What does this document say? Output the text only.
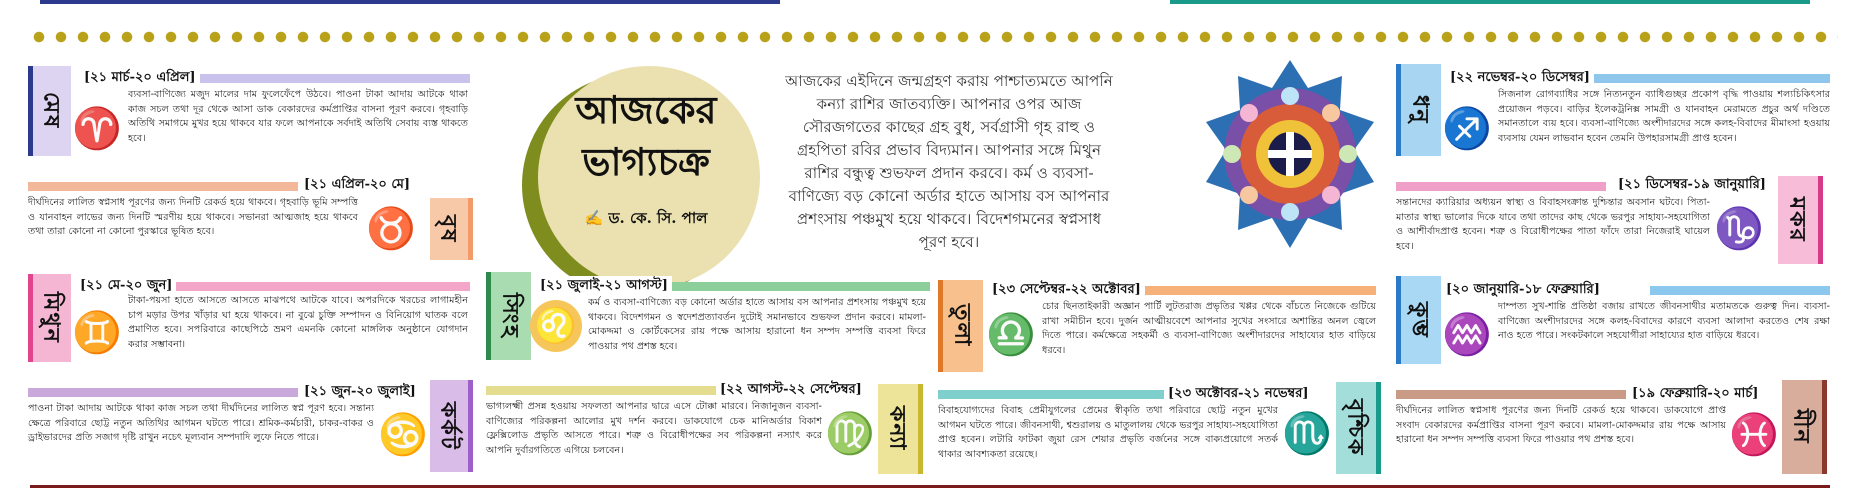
আজকের
ভাগ্যচক্র
✍ ড. কে. সি. পাল
আজকের এইদিনে জন্মগ্রহণ করায় পাশ্চাত্যমতে আপনি কন্যা রাশির জাতব্যক্তি। আপনার ওপর আজ সৌরজগতের কাছের গ্রহ বুধ, সর্বগ্রাসী গৃহ রাহু ও গ্রহপিতা রবির প্রভাব বিদ্যমান। আপনার সঙ্গে মিথুন রাশির বন্ধুত্ব শুভফল প্রদান করবে। কর্ম ও ব্যবসা-বাণিজ্যে বড় কোনো অর্ডার হাতে আসায় বস আপনার প্রশংসায় পঞ্চমুখ হয়ে থাকবে। বিদেশগমনের স্বপ্নসাধ পূরণ হবে।
মেষ
[২১ মার্চ-২০ এপ্রিল]
♈
ব্যবসা-বাণিজ্যে মজুদ মালের দাম ফুলেফেঁপে উঠবে। পাওনা টাকা আদায় আটকে থাকা কাজ সচল তথা দূর থেকে আসা ডাক বেকারদের কর্মপ্রাপ্তির বাসনা পূরণ করবে। গৃহবাড়ি অতিথি সমাগমে মুখর হয়ে থাকবে যার ফলে আপনাকে সর্বদাই অতিথি সেবায় ব্যস্ত থাকতে হবে।
[২১ এপ্রিল-২০ মে]
দীর্ঘদিনের লালিত স্বপ্নসাধ পূরণের জন্য দিনটি রেকর্ড হয়ে থাকবে। গৃহবাড়ি ভূমি সম্পত্তি ও যানবাহন লাভের জন্য দিনটি স্মরণীয় হয়ে থাকবে। সভানরা আত্মজাহ হয়ে থাকবে তথা তারা কোনো না কোনো পুরস্কারে ভূষিত হবে।	♉ বৃষ
মিথুন
[২১ মে-২০ জুন]
♊
টাকা-পয়সা হাতে আসতে আসতে মাঝপথে আটকে যাবে। অপরদিকে খরচের লাগামহীন চাপ মড়ার উপর খাঁড়ার ঘা হয়ে থাকবে। না বুঝে চুক্তি সম্পাদন ও বিনিয়োগ ঘাতক বলে প্রমাণিত হবে। সপরিবারে কাছেপিঠে ভ্রমণ এমনকি কোনো মাঙ্গলিক অনুষ্ঠানে যোগদান করার সম্ভাবনা।
[২১ জুন-২০ জুলাই]
পাওনা টাকা আদায় আটকে থাকা কাজ সচল তথা দীর্ঘদিনের লালিত স্বপ্ন পূরণ হবে। সন্তান্য ক্ষেত্রে পরিবারে ছোট্ট নতুন অতিথির আগমন ঘটতে পারে। শ্রমিক-কর্মচারী, চাকর-বাকর ও ড্রাইভারদের প্রতি সজাগ দৃষ্টি রাখুন নচেৎ মূল্যবান সম্পদাদি লুফে নিতে পারে।	♋ কর্কট
সিংহ
[২১ জুলাই-২১ আগস্ট]
♌
কর্ম ও ব্যবসা-বাণিজ্যে বড় কোনো অর্ডার হাতে আসায় বস আপনার প্রশংসায় পঞ্চমুখ হয়ে থাকবে। বিদেশগমন ও স্বদেশপ্রত্যাবর্তন দুটোই সমানভাবে শুভফল প্রদান করবে। মামলা-মোকদ্দমা ও কোর্টকেসের রায় পক্ষে আসায় হারানো ধন সম্পদ সম্পত্তি ব্যবসা ফিরে পাওয়ার পথ প্রশস্ত হবে।
[২২ আগস্ট-২২ সেপ্টেম্বর]
ভাগ্যলক্ষ্মী প্রসন্ন হওয়ায় সফলতা আপনার দ্বারে এসে টোক্কা মারবে। নিজানুজন ব্যবসা-বাণিজ্যের পরিকল্পনা আলোর মুখ দর্শন করবে। ডাকযোগে চেক মানিঅর্ডার বিকাশ ফ্লেক্সিলোড প্রভৃতি আসতে পারে। শত্রু ও বিরোধীপক্ষের সব পরিকল্পনা নস্যাৎ করে আপনি দুর্বারগতিতে এগিয়ে চলবেন।	♍ কন্যা
তুলা
[২৩ সেপ্টেম্বর-২২ অক্টোবর]
♎
চোর ছিনতাইকারী অজ্ঞান পার্টি লুটতরাজ প্রভৃতির খপ্পর থেকে বাঁচতে নিজেকে গুটিয়ে রাখা সমীচীন হবে। দুর্জন আত্মীয়বেশে আপনার সুখের সংসারে অশান্তির অনল জ্বেলে দিতে পারে। কর্মক্ষেত্রে সহকর্মী ও ব্যবসা-বাণিজ্যে অংশীদারদের সাহায্যের হাত বাড়িয়ে ধরবে।
[২৩ অক্টোবর-২১ নভেম্বর]
বিবাহযোগ্যদের বিবাহ প্রেমীযুগলের প্রেমের স্বীকৃতি তথা পরিবারে ছোট্ট নতুন মুখের আগমন ঘটতে পারে। জীবনসাথী, শ্বশুরালয় ও মাতুলালয় থেকে ভরপুর সাহায্য-সহযোগিতা প্রাপ্ত হবেন। লটারি ফাটকা জুয়া রেস শেয়ার প্রভৃতি বর্জনের সঙ্গে বাক্যপ্রয়োগে সতর্ক থাকার আবশ্যকতা রয়েছে।	♏ বৃশ্চিক
ধনু
[২২ নভেম্বর-২০ ডিসেম্বর]
♐
সিজনাল রোগব্যাধির সঙ্গে নিত্যনতুন ব্যাধিগুচ্ছর প্রকোপ বৃদ্ধি পাওয়ায় শল্যচিকিৎসার প্রয়োজন পড়বে। বাড়ির ইলেকট্রনিক্স সামগ্রী ও যানবাহন মেরামতে প্রচুর অর্থ দণ্ডিতে সমানতালে ব্যয় হবে। ব্যবসা-বাণিজ্যে অংশীদারদের সঙ্গে কলহ-বিবাদের মীমাংসা হওয়ায় ব্যবসায় যেমন লাভবান হবেন তেমনি উপহারসামগ্রী প্রাপ্ত হবেন।
[২১ ডিসেম্বর-১৯ জানুয়ারি]
সন্তানদের ক্যারিয়ার অধ্যয়ন স্বাস্থ্য ও বিবাহসংক্রান্ত দুশ্চিন্তার অবসান ঘটবে। পিতা-মাতার স্বাস্থ্য ভালোর দিকে যাবে তথা তাদের কাছ থেকে ভরপুর সাহায্য-সহযোগিতা ও আশীর্বাদপ্রাপ্ত হবেন। শত্রু ও বিরোধীপক্ষের পাতা ফাঁদে তারা নিজেরাই ঘায়েল হবে।	♑ মকর
কুম্ভ
[২০ জানুয়ারি-১৮ ফেব্রুয়ারি]
♒
দাম্পত্য সুখ-শান্তি প্রতিষ্ঠা বজায় রাখতে জীবনসাথীর মতামতকে গুরুত্ব দিন। ব্যবসা-বাণিজ্যে অংশীদারদের সঙ্গে কলহ-বিবাদের কারণে ব্যবসা আলাদা করতেও শেষ রক্ষা নাও হতে পারে। সংকটকালে সহযোগীরা সাহায্যের হাত বাড়িয়ে ধরবে।
[১৯ ফেব্রুয়ারি-২০ মার্চ]
দীর্ঘদিনের লালিত স্বপ্নসাধ পূরণের জন্য দিনটি রেকর্ড হয়ে থাকবে। ডাকযোগে প্রাপ্ত সংবাদ বেকারদের কর্মপ্রাপ্তির বাসনা পূরণ করবে। মামলা-মোকদ্দমার রায় পক্ষে আসায় হারানো ধন সম্পদ সম্পত্তি ব্যবসা ফিরে পাওয়ার পথ প্রশস্ত হবে।	♓ মীন
